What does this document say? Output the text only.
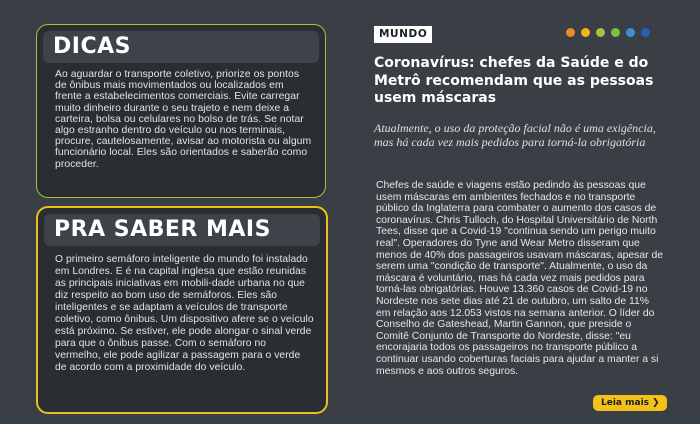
DICAS
Ao aguardar o transporte coletivo, priorize os pontos de ônibus mais movimentados ou localizados em frente a estabelecimentos comerciais. Evite carregar muito dinheiro durante o seu trajeto e nem deixe a carteira, bolsa ou celulares no bolso de trás. Se notar algo estranho dentro do veículo ou nos terminais, procure, cautelosamente, avisar ao motorista ou algum funcionário local. Eles são orientados e saberão como proceder.
PRA SABER MAIS
O primeiro semáforo inteligente do mundo foi instalado em Londres. E é na capital inglesa que estão reunidas as principais iniciativas em mobili-dade urbana no que diz respeito ao bom uso de semáforos. Eles são inteligentes e se adaptam a veículos de transporte coletivo, como ônibus. Um dispositivo afere se o veículo está próximo. Se estiver, ele pode alongar o sinal verde para que o ônibus passe. Com o semáforo no vermelho, ele pode agilizar a passagem para o verde de acordo com a proximidade do veículo.
MUNDO
Coronavírus: chefes da Saúde e do Metrô recomendam que as pessoas usem máscaras

Atualmente, o uso da proteção facial não é uma exigência, mas há cada vez mais pedidos para torná-la obrigatória

Chefes de saúde e viagens estão pedindo às pessoas que usem máscaras em ambientes fechados e no transporte público da Inglaterra para combater o aumento dos casos de coronavírus. Chris Tulloch, do Hospital Universitário de North Tees, disse que a Covid-19 "continua sendo um perigo muito real". Operadores do Tyne and Wear Metro disseram que menos de 40% dos passageiros usavam máscaras, apesar de serem uma "condição de transporte". Atualmente, o uso da máscara é voluntário, mas há cada vez mais pedidos para torná-las obrigatórias. Houve 13.360 casos de Covid-19 no Nordeste nos sete dias até 21 de outubro, um salto de 11% em relação aos 12.053 vistos na semana anterior. O líder do Conselho de Gateshead, Martin Gannon, que preside o Comitê Conjunto de Transporte do Nordeste, disse: "eu encorajaria todos os passageiros no transporte público a continuar usando coberturas faciais para ajudar a manter a si mesmos e aos outros seguros.

Leia mais ❯
